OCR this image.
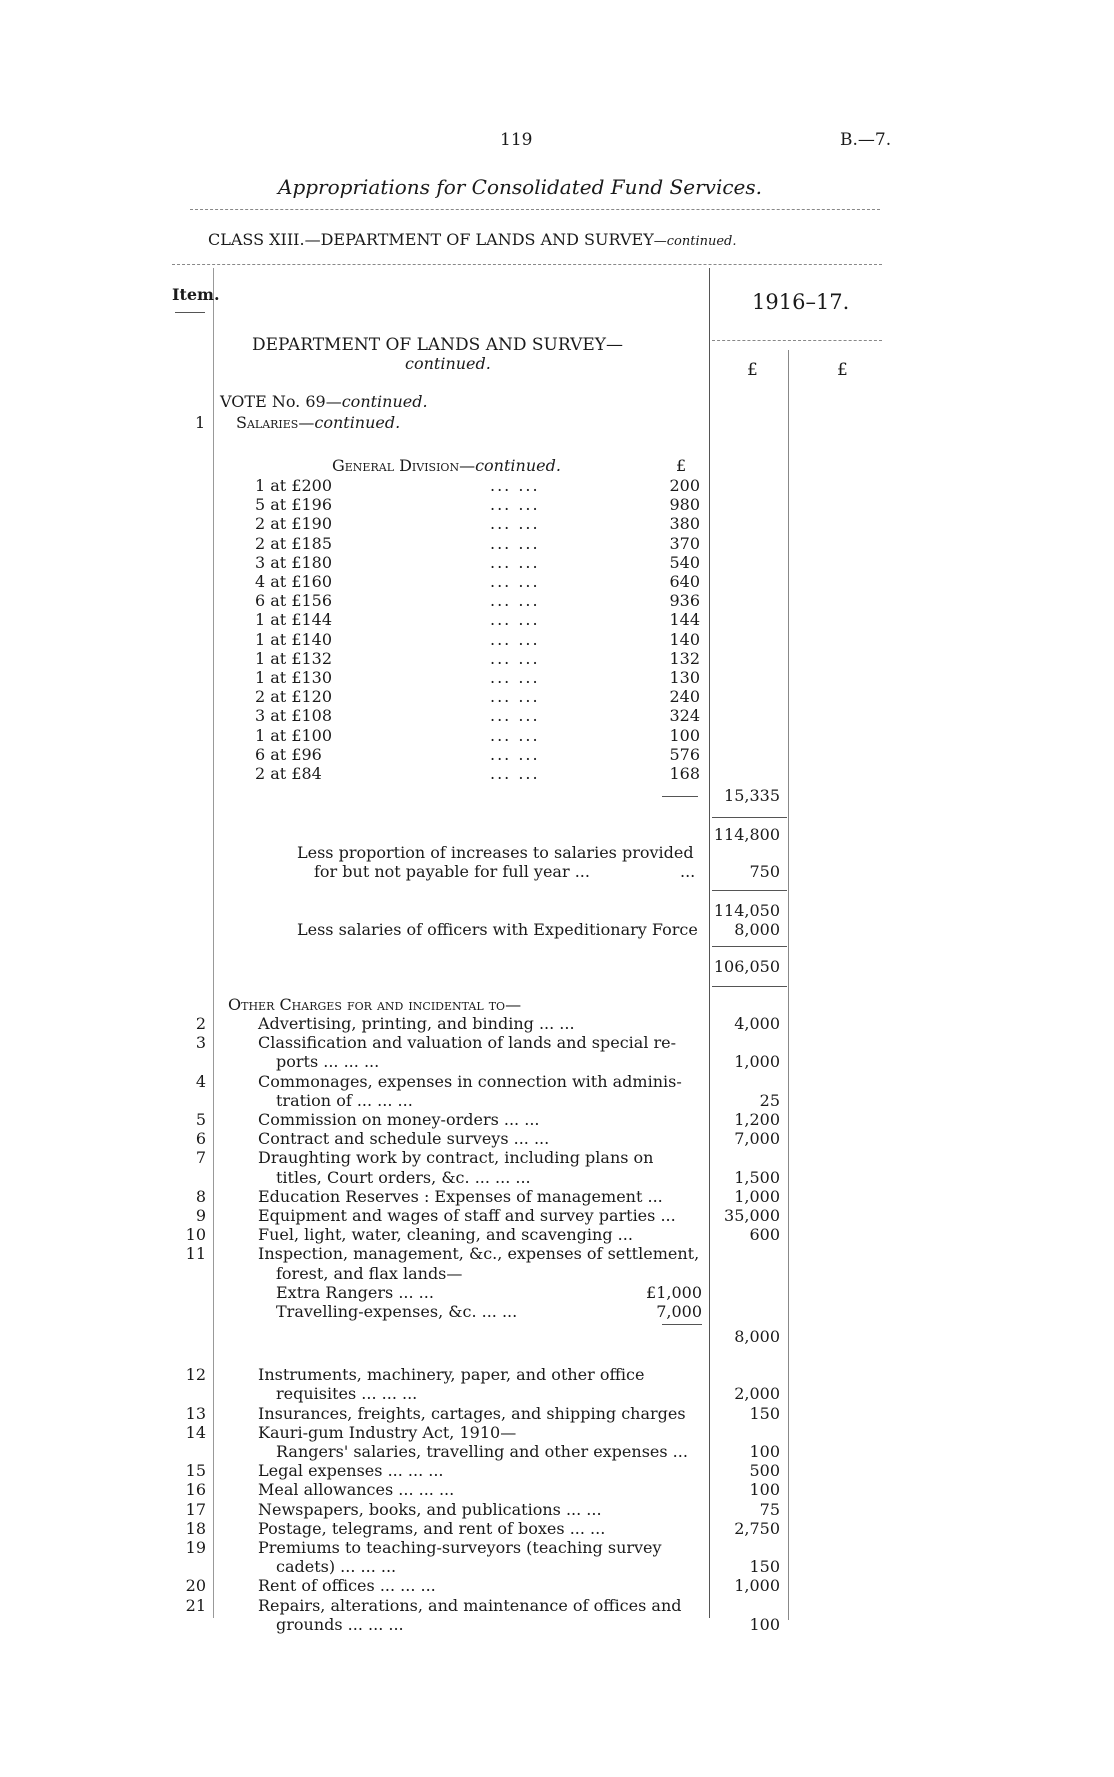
119	B.—7.
Appropriations for Consolidated Fund Services.
CLASS XIII.—DEPARTMENT OF LANDS AND SURVEY—continued.
Item.	1916–17.
£	£
DEPARTMENT OF LANDS AND SURVEY—
continued.
VOTE No. 69—continued.
1 Salaries—continued.
General Division—continued.	£
1 at £200	... ...	200
5 at £196	... ...	980
2 at £190	... ...	380
2 at £185	... ...	370
3 at £180	... ...	540
4 at £160	... ...	640
6 at £156	... ...	936
1 at £144	... ...	144
1 at £140	... ...	140
1 at £132	... ...	132
1 at £130	... ...	130
2 at £120	... ...	240
3 at £108	... ...	324
1 at £100	... ...	100
6 at £96	... ...	576
2 at £84	... ...	168
15,335
114,800
Less proportion of increases to salaries provided
for but not payable for full year ...	...	750
114,050
Less salaries of officers with Expeditionary Force	8,000
106,050
Other Charges for and incidental to—
2	Advertising, printing, and binding ... ...	4,000
3	Classification and valuation of lands and special re-
ports ... ... ...	1,000
4	Commonages, expenses in connection with adminis-
tration of ... ... ...	25
5	Commission on money-orders ... ...	1,200
6	Contract and schedule surveys ... ...	7,000
7	Draughting work by contract, including plans on
titles, Court orders, &c. ... ... ...	1,500
8	Education Reserves : Expenses of management ...	1,000
9	Equipment and wages of staff and survey parties ...	35,000
10	Fuel, light, water, cleaning, and scavenging ...	600
11	Inspection, management, &c., expenses of settlement,
forest, and flax lands—
Extra Rangers ... ...	£1,000
Travelling-expenses, &c. ... ...	7,000
8,000
12	Instruments, machinery, paper, and other office
requisites ... ... ...	2,000
13	Insurances, freights, cartages, and shipping charges	150
14	Kauri-gum Industry Act, 1910—
Rangers' salaries, travelling and other expenses ...	100
15	Legal expenses ... ... ...	500
16	Meal allowances ... ... ...	100
17	Newspapers, books, and publications ... ...	75
18	Postage, telegrams, and rent of boxes ... ...	2,750
19	Premiums to teaching-surveyors (teaching survey
cadets) ... ... ...	150
20	Rent of offices ... ... ...	1,000
21	Repairs, alterations, and maintenance of offices and
grounds ... ... ...	100
